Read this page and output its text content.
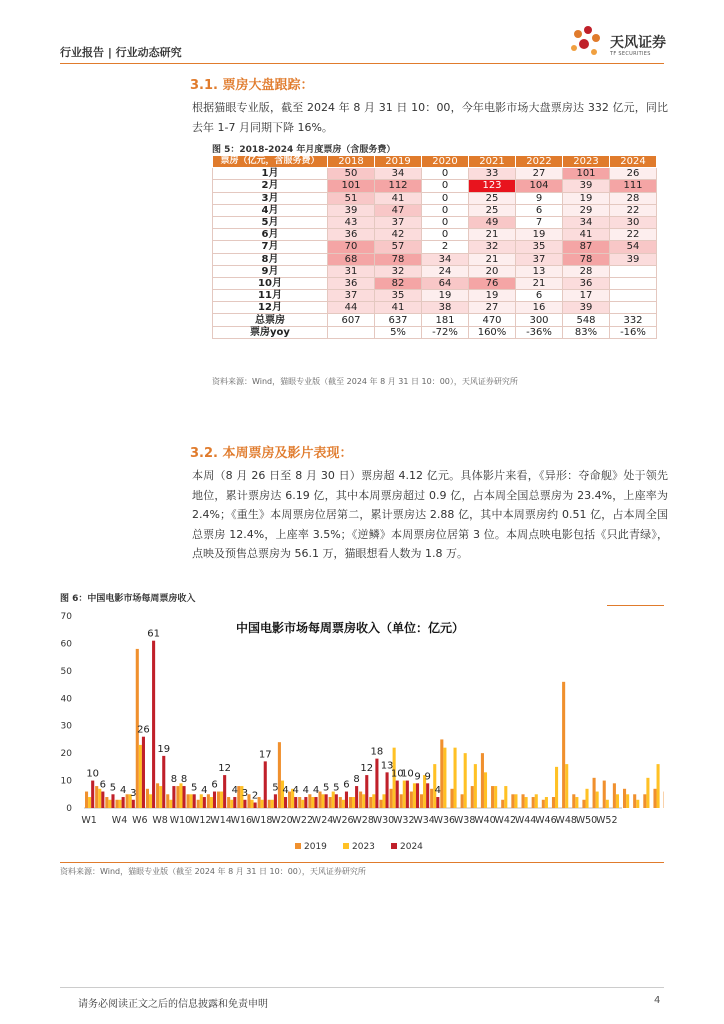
行业报告 | 行业动态研究
天风证券
TF SECURITIES
3.1. 票房大盘跟踪：
根据猫眼专业版，截至 2024 年 8 月 31 日 10：00，今年电影市场大盘票房达 332 亿元，同比去年 1-7 月同期下降 16%。
图 5：2018-2024 年月度票房（含服务费）
票房（亿元，含服务费）	2018	2019	2020	2021	2022	2023	2024
1月	50	34	0	33	27	101	26
2月	101	112	0	123	104	39	111
3月	51	41	0	25	9	19	28
4月	39	47	0	25	6	29	22
5月	43	37	0	49	7	34	30
6月	36	42	0	21	19	41	22
7月	70	57	2	32	35	87	54
8月	68	78	34	21	37	78	39
9月	31	32	24	20	13	28	
10月	36	82	64	76	21	36	
11月	37	35	19	19	6	17	
12月	44	41	38	27	16	39	
总票房	607	637	181	470	300	548	332
票房yoy		5%	-72%	160%	-36%	83%	-16%
资料来源：Wind，猫眼专业版（截至 2024 年 8 月 31 日 10：00），天风证券研究所
3.2. 本周票房及影片表现：
本周（8 月 26 日至 8 月 30 日）票房超 4.12 亿元。具体影片来看，《异形：夺命舰》处于领先地位，累计票房达 6.19 亿，其中本周票房超过 0.9 亿，占本周全国总票房为 23.4%，上座率为 2.4%；《重生》本周票房位居第二，累计票房达 2.88 亿，其中本周票房约 0.51 亿，占本周全国总票房 12.4%，上座率 3.5%；《逆鳞》本周票房位居第 3 位。本周点映电影包括《只此青绿》，点映及预售总票房为 56.1 万，猫眼想看人数为 1.8 万。
图 6：中国电影市场每周票房收入
中国电影市场每周票房收入（单位：亿元）
0
10
20
30
40
50
60
70
10
6 5 4 3
26
61
19
8 8
5 4 6
12
4 3 2
17
5 4 4 4 4 5 5 6 8
12
18
13
10
10 9 9
4
W1 W4 W6 W8 W10
W12
W14
W16
W18
W20
W22
W24
W26
W28
W30
W32
W34
W36
W38
W40
W42
W44
W46
W48
W50
W52
2019	2023	2024
资料来源：Wind，猫眼专业版（截至 2024 年 8 月 31 日 10：00），天风证券研究所
请务必阅读正文之后的信息披露和免责申明	4
